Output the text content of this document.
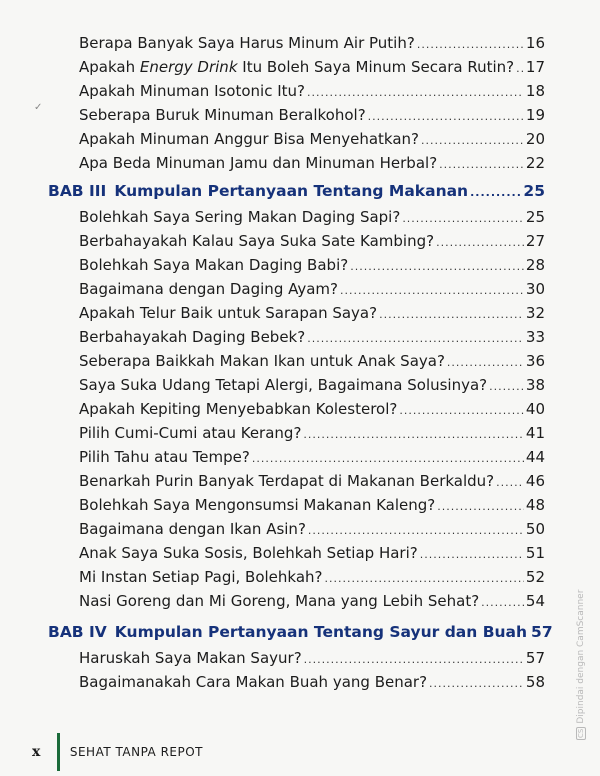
✓
Berapa Banyak Saya Harus Minum Air Putih? .....	16
Apakah Energy Drink Itu Boleh Saya Minum Secara Rutin? ..... 17
Apakah Minuman Isotonic Itu? .....	18
Seberapa Buruk Minuman Beralkohol? .....	19
Apakah Minuman Anggur Bisa Menyehatkan? .....	20
Apa Beda Minuman Jamu dan Minuman Herbal? .....	22
BAB III Kumpulan Pertanyaan Tentang Makanan .....	25
Bolehkah Saya Sering Makan Daging Sapi? .....	25
Berbahayakah Kalau Saya Suka Sate Kambing? .....	27
Bolehkah Saya Makan Daging Babi? .....	28
Bagaimana dengan Daging Ayam? .....	30
Apakah Telur Baik untuk Sarapan Saya? .....	32
Berbahayakah Daging Bebek? .....	33
Seberapa Baikkah Makan Ikan untuk Anak Saya? .....	36
Saya Suka Udang Tetapi Alergi, Bagaimana Solusinya? .....	38
Apakah Kepiting Menyebabkan Kolesterol? .....	40
Pilih Cumi-Cumi atau Kerang? .....	41
Pilih Tahu atau Tempe? .....	44
Benarkah Purin Banyak Terdapat di Makanan Berkaldu? ..... 46
Bolehkah Saya Mengonsumsi Makanan Kaleng? .....	48
Bagaimana dengan Ikan Asin? .....	50
Anak Saya Suka Sosis, Bolehkah Setiap Hari? .....	51
Mi Instan Setiap Pagi, Bolehkah? .....	52
Nasi Goreng dan Mi Goreng, Mana yang Lebih Sehat? .....	54
BAB IV Kumpulan Pertanyaan Tentang Sayur dan Buah 57
Haruskah Saya Makan Sayur? .....	57
Bagaimanakah Cara Makan Buah yang Benar? .....	58
x SEHAT TANPA REPOT
CSDipindai dengan CamScanner
